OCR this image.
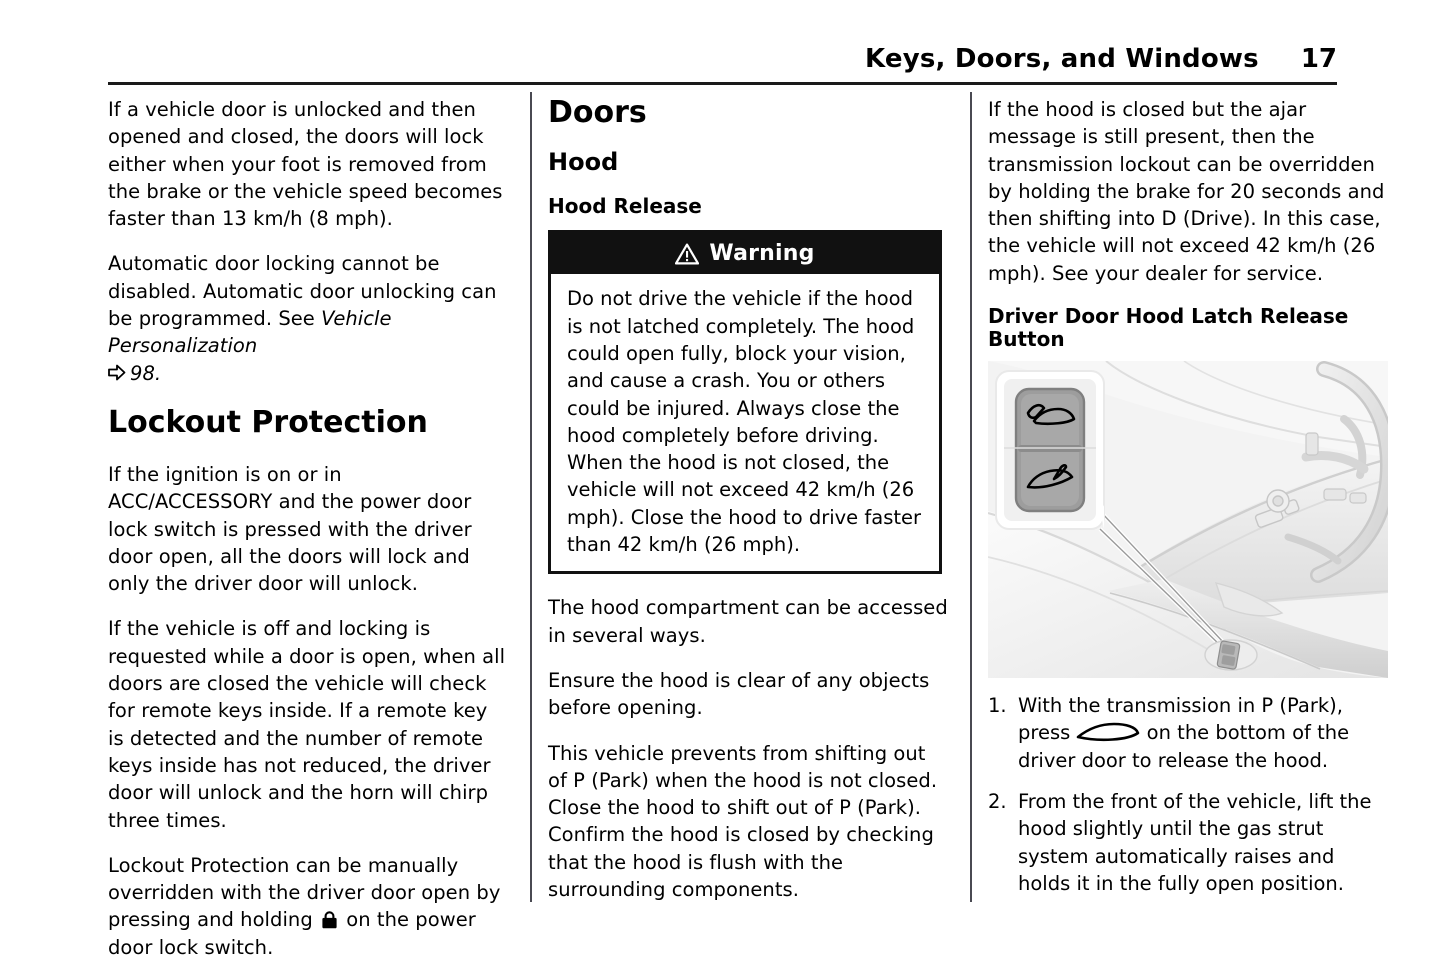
Keys, Doors, and Windows 17

If a vehicle door is unlocked and then opened and closed, the doors will lock either when your foot is removed from the brake or the vehicle speed becomes faster than 13 km/h (8 mph).

Automatic door locking cannot be disabled. Automatic door unlocking can be programmed. See Vehicle Personalization
98.

Lockout Protection

If the ignition is on or in ACC/ACCESSORY and the power door lock switch is pressed with the driver door open, all the doors will lock and only the driver door will unlock.

If the vehicle is off and locking is requested while a door is open, when all doors are closed the vehicle will check for remote keys inside. If a remote key is detected and the number of remote keys inside has not reduced, the driver door will unlock and the horn will chirp three times.

Lockout Protection can be manually overridden with the driver door open by pressing and holding  on the power door lock switch.

Doors
Hood
Hood Release
Warning

Do not drive the vehicle if the hood is not latched completely. The hood could open fully, block your vision, and cause a crash. You or others could be injured. Always close the hood completely before driving. When the hood is not closed, the vehicle will not exceed 42 km/h (26 mph). Close the hood to drive faster than 42 km/h (26 mph).

The hood compartment can be accessed in several ways.

Ensure the hood is clear of any objects before opening.

This vehicle prevents from shifting out of P (Park) when the hood is not closed. Close the hood to shift out of P (Park). Confirm the hood is closed by checking that the hood is flush with the surrounding components.

If the hood is closed but the ajar message is still present, then the transmission lockout can be overridden by holding the brake for 20 seconds and then shifting into D (Drive). In this case, the vehicle will not exceed 42 km/h (26 mph). See your dealer for service.

Driver Door Hood Latch Release Button
1. With the transmission in P (Park), press	on the bottom of the driver door to release the hood.
2. From the front of the vehicle, lift the hood slightly until the gas strut system automatically raises and holds it in the fully open position.
